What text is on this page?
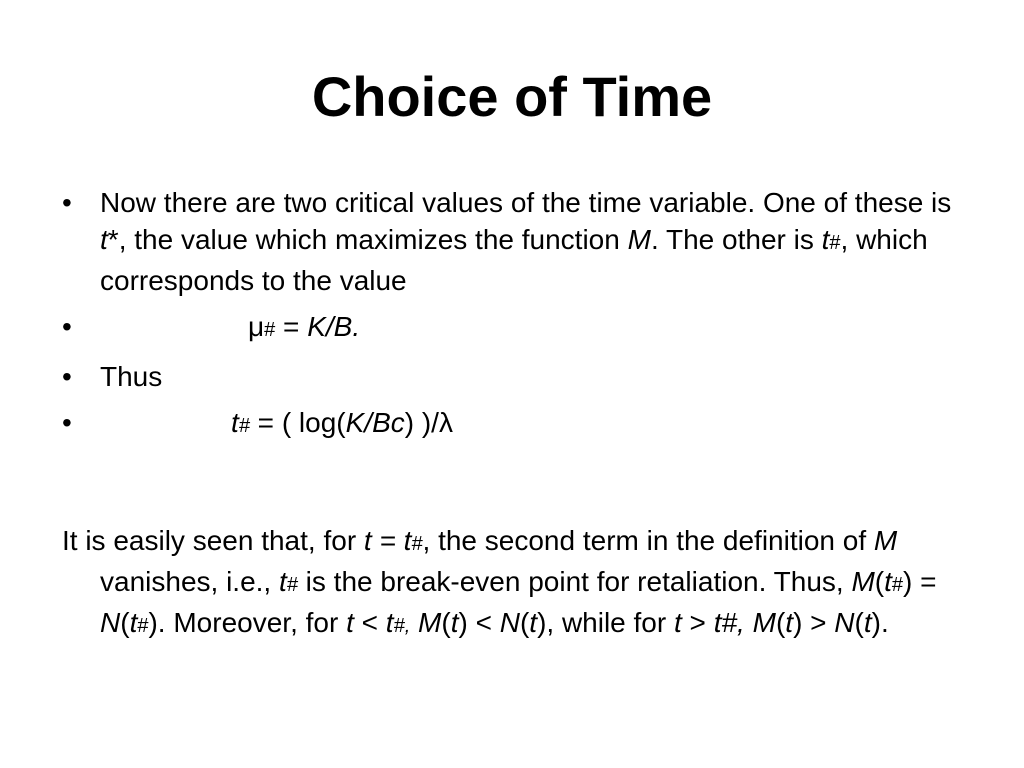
Choice of Time
• Now there are two critical values of the time variable. One of these is t*, the value which maximizes the function M. The other is t#, which corresponds to the value
•	μ# = K/B.
• Thus
•	t# = ( log(K/Bc) )/λ

It is easily seen that, for t = t#, the second term in the definition of M vanishes, i.e., t# is the break-even point for retaliation. Thus, M(t#) = N(t#). Moreover, for t < t#, M(t) < N(t), while for t > t#, M(t) > N(t).
